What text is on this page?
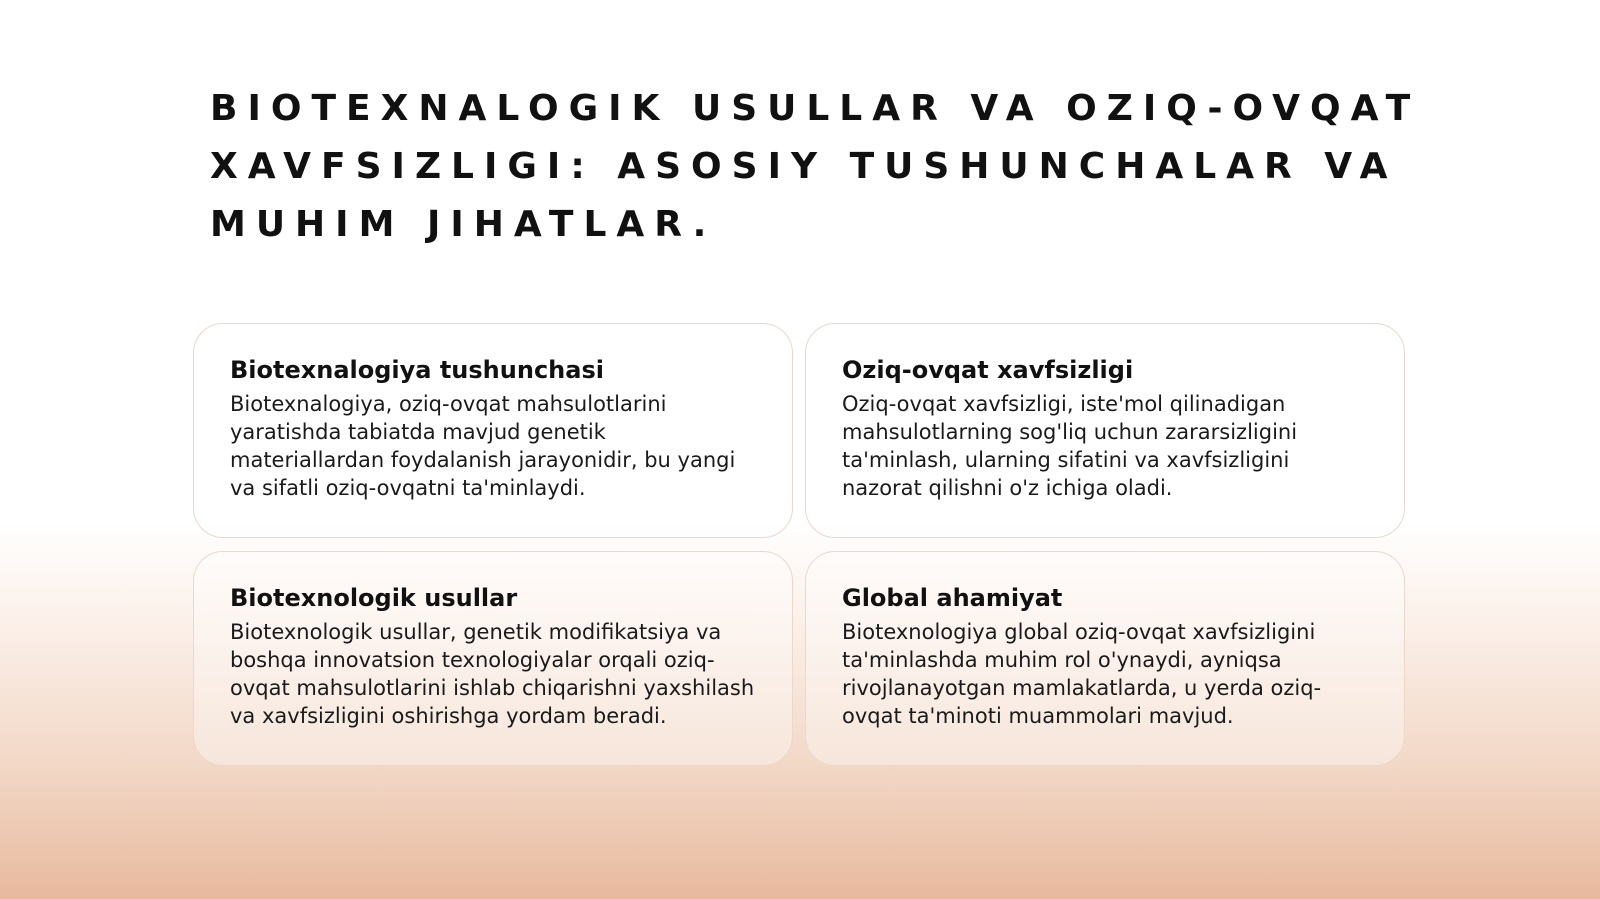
BIOTEXNALOGIK USULLAR VA OZIQ-OVQAT XAVFSIZLIGI: ASOSIY TUSHUNCHALAR VA MUHIM JIHATLAR.
Biotexnalogiya tushunchasi

Biotexnalogiya, oziq-ovqat mahsulotlarini yaratishda tabiatda mavjud genetik materiallardan foydalanish jarayonidir, bu yangi va sifatli oziq-ovqatni ta'minlaydi.

Oziq-ovqat xavfsizligi

Oziq-ovqat xavfsizligi, iste'mol qilinadigan mahsulotlarning sog'liq uchun zararsizligini ta'minlash, ularning sifatini va xavfsizligini nazorat qilishni o'z ichiga oladi.

Biotexnologik usullar

Biotexnologik usullar, genetik modifikatsiya va boshqa innovatsion texnologiyalar orqali oziq-ovqat mahsulotlarini ishlab chiqarishni yaxshilash va xavfsizligini oshirishga yordam beradi.

Global ahamiyat

Biotexnologiya global oziq-ovqat xavfsizligini ta'minlashda muhim rol o'ynaydi, ayniqsa rivojlanayotgan mamlakatlarda, u yerda oziq-ovqat ta'minoti muammolari mavjud.
